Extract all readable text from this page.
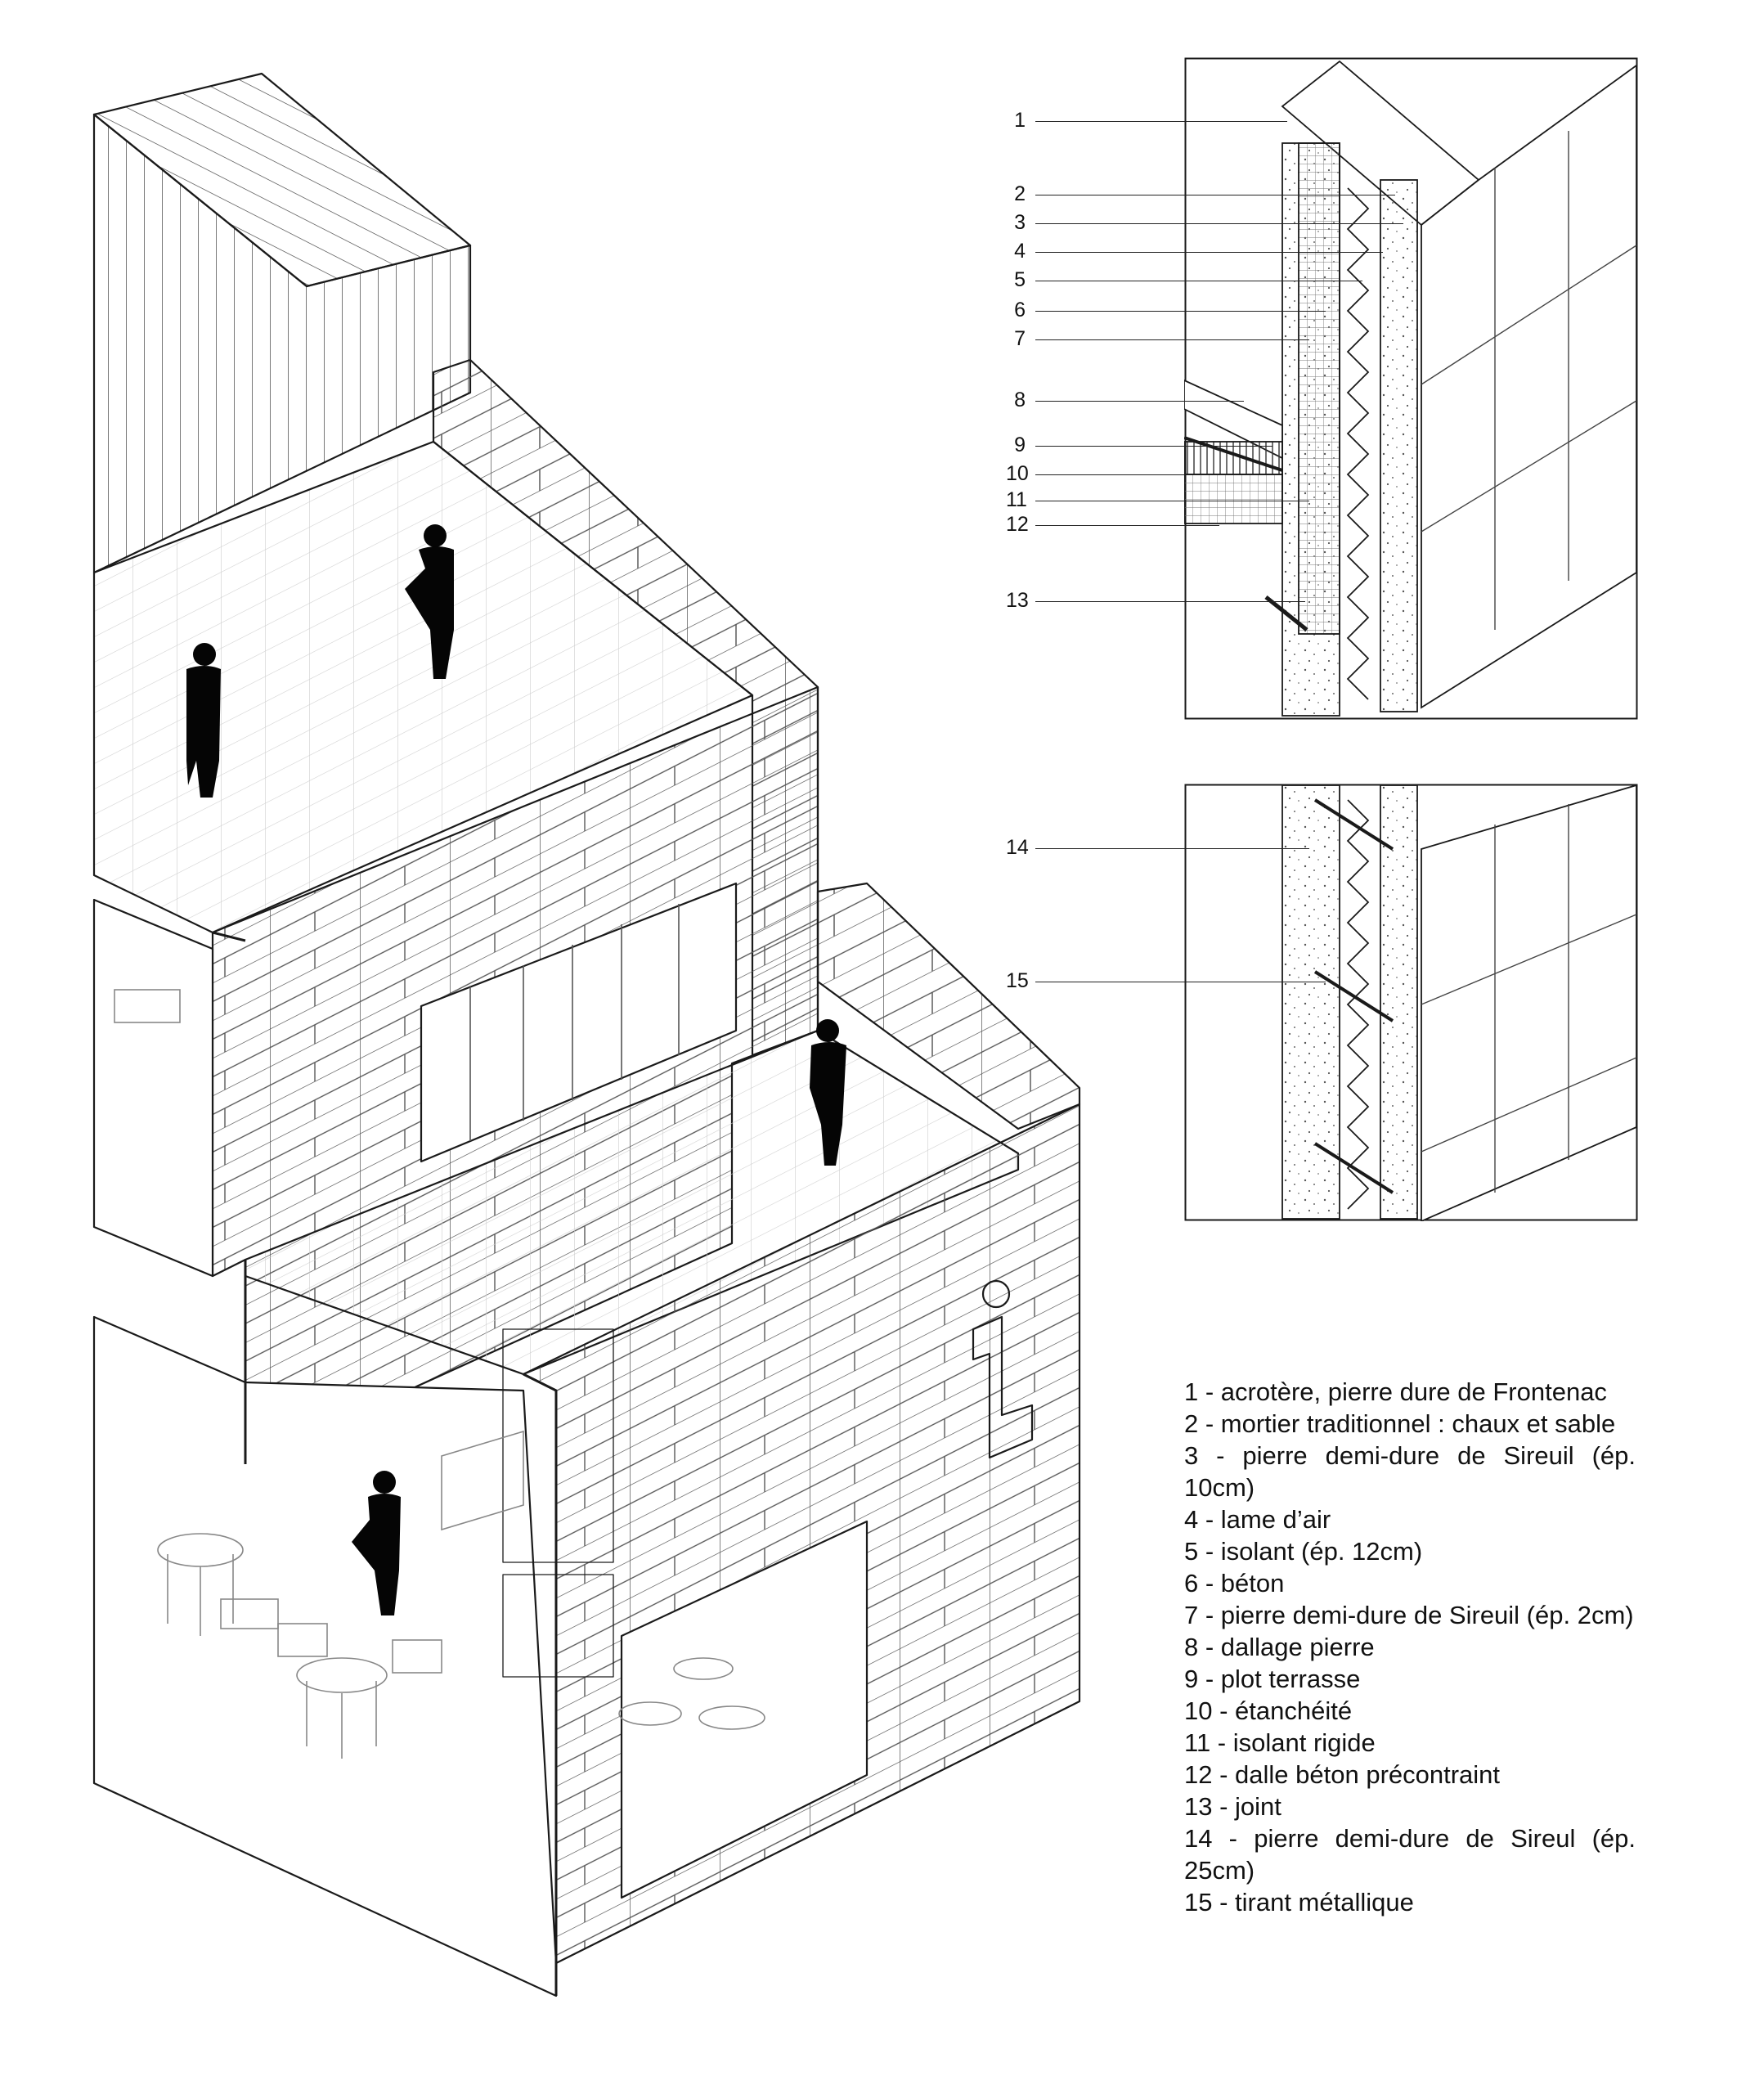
1
2
3
4
5
6
7
8
9
10
11
12
13
14
15
1 - acrotère, pierre dure de Frontenac
2 - mortier traditionnel : chaux et sable
3 - pierre demi-dure de Sireuil (ép. 10cm)
4 - lame d’air
5 - isolant (ép. 12cm)
6 - béton
7 - pierre demi-dure de Sireuil (ép. 2cm)
8 - dallage pierre
9 - plot terrasse
10 - étanchéité
11 - isolant rigide
12 - dalle béton précontraint
13 - joint
14 - pierre demi-dure de Sireul (ép. 25cm)
15 - tirant métallique
